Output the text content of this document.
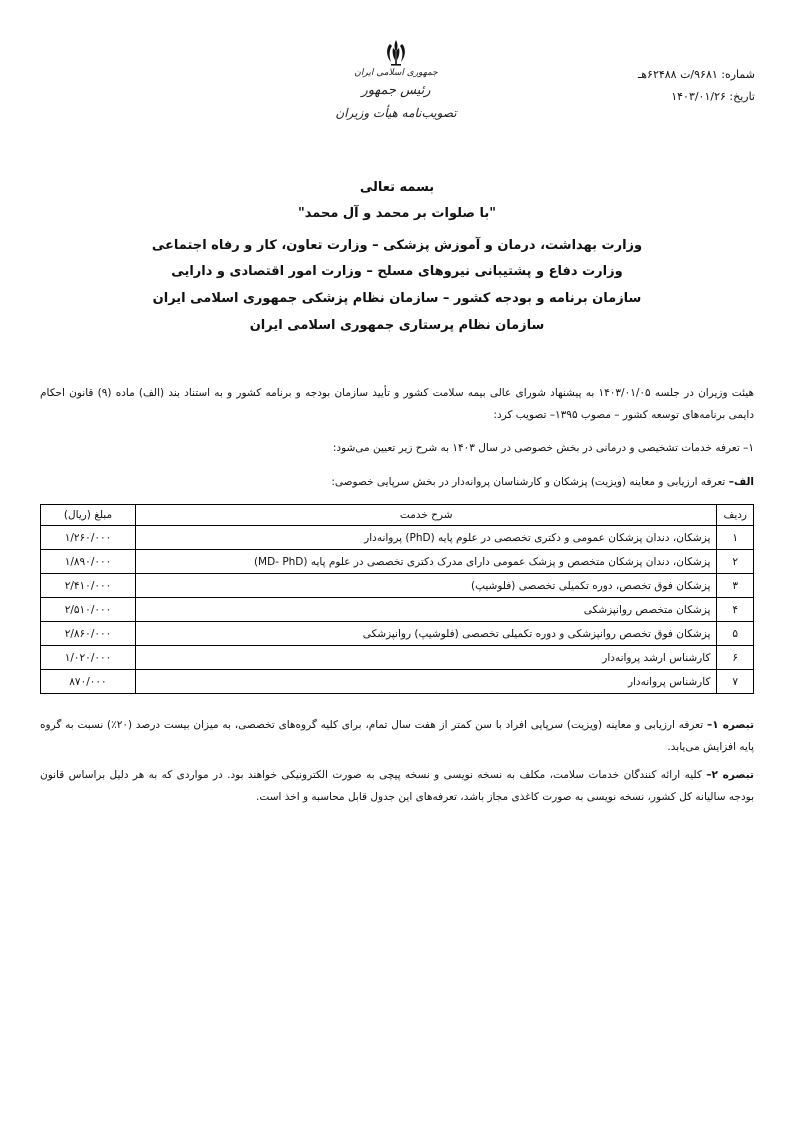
جمهوری اسلامی ایران
رئیس جمهور
تصویب‌نامه هیأت وزیران
شماره: ۹۶۸۱/ت ۶۲۴۸۸هـ
تاریخ: ۱۴۰۳/۰۱/۲۶
بسمه تعالی
"با صلوات بر محمد و آل محمد"
وزارت بهداشت، درمان و آموزش پزشکی – وزارت تعاون، کار و رفاه اجتماعی
وزارت دفاع و پشتیبانی نیروهای مسلح – وزارت امور اقتصادی و دارایی
سازمان برنامه و بودجه کشور – سازمان نظام پزشکی جمهوری اسلامی ایران
سازمان نظام پرستاری جمهوری اسلامی ایران
هیئت وزیران در جلسه ۱۴۰۳/۰۱/۰۵ به پیشنهاد شورای عالی بیمه سلامت کشور و تأیید سازمان بودجه و برنامه کشور و به استناد بند (الف) ماده (۹) قانون احکام دایمی برنامه‌های توسعه کشور – مصوب ۱۳۹۵– تصویب کرد:
۱– تعرفه خدمات تشخیصی و درمانی در بخش خصوصی در سال ۱۴۰۳ به شرح زیر تعیین می‌شود:
الف– تعرفه ارزیابی و معاینه (ویزیت) پزشکان و کارشناسان پروانه‌دار در بخش سرپایی خصوصی:
ردیف	شرح خدمت	مبلغ (ریال)
۱	پزشکان، دندان پزشکان عمومی و دکتری تخصصی در علوم پایه (PhD) پروانه‌دار	۱/۲۶۰/۰۰۰
۲	پزشکان، دندان پزشکان متخصص و پزشک عمومی دارای مدرک دکتری تخصصی در علوم پایه (MD- PhD)	۱/۸۹۰/۰۰۰
۳	پزشکان فوق تخصص، دوره تکمیلی تخصصی (فلوشیپ)	۲/۴۱۰/۰۰۰
۴	پزشکان متخصص روانپزشکی	۲/۵۱۰/۰۰۰
۵	پزشکان فوق تخصص روانپزشکی و دوره تکمیلی تخصصی (فلوشیپ) روانپزشکی	۲/۸۶۰/۰۰۰
۶	کارشناس ارشد پروانه‌دار	۱/۰۲۰/۰۰۰
۷	کارشناس پروانه‌دار	۸۷۰/۰۰۰
تبصره ۱– تعرفه ارزیابی و معاینه (ویزیت) سرپایی افراد با سن کمتر از هفت سال تمام، برای کلیه گروه‌های تخصصی، به میزان بیست درصد (۲۰٪) نسبت به گروه پایه افزایش می‌یابد.
تبصره ۲– کلیه ارائه کنندگان خدمات سلامت، مکلف به نسخه نویسی و نسخه پیچی به صورت الکترونیکی خواهند بود. در مواردی که به هر دلیل براساس قانون بودجه سالیانه کل کشور، نسخه نویسی به صورت کاغذی مجاز باشد، تعرفه‌های این جدول قابل محاسبه و اخذ است.
